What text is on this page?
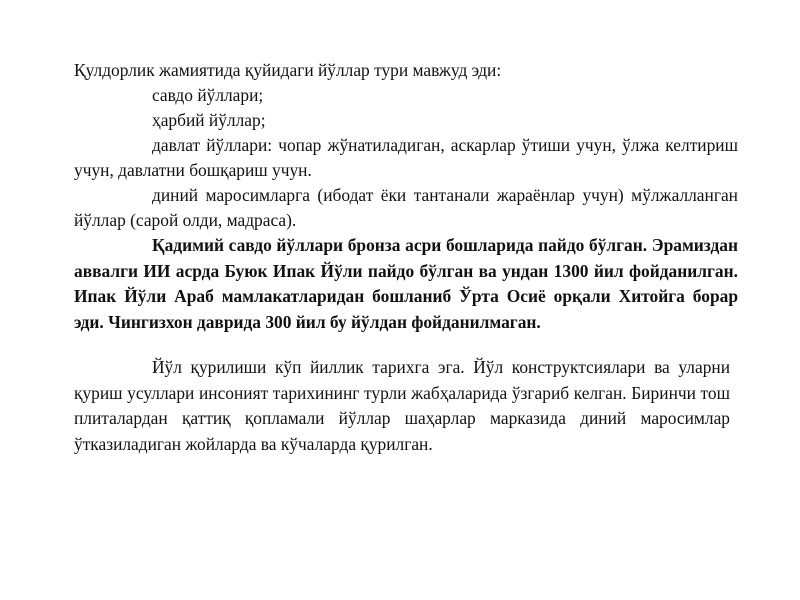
Қулдорлик жамиятида қуйидаги йўллар тури мавжуд эди:

савдо йўллари;

ҳарбий йўллар;

давлат йўллари: чопар жўнатиладиган, аскарлар ўтиши учун, ўлжа келтириш учун, давлатни бошқариш учун.

диний маросимларга (ибодат ёки тантанали жараёнлар учун) мўлжалланган йўллар (сарой олди, мадраса).

Қадимий савдо йўллари бронза асри бошларида пайдо бўлган. Эрамиздан аввалги ИИ асрда Буюк Ипак Йўли пайдо бўлган ва ундан 1300 йил фойданилган. Ипак Йўли Араб мамлакатларидан бошланиб Ўрта Осиё орқали Хитойга борар эди. Чингизхон даврида 300 йил бу йўлдан фойданилмаган.

Йўл қурилиши кўп йиллик тарихга эга. Йўл конструктсиялари ва уларни қуриш усуллари инсоният тарихининг турли жабҳаларида ўзгариб келган. Биринчи тош плиталардан қаттиқ қопламали йўллар шаҳарлар марказида диний маросимлар ўтказиладиган жойларда ва кўчаларда қурилган.
